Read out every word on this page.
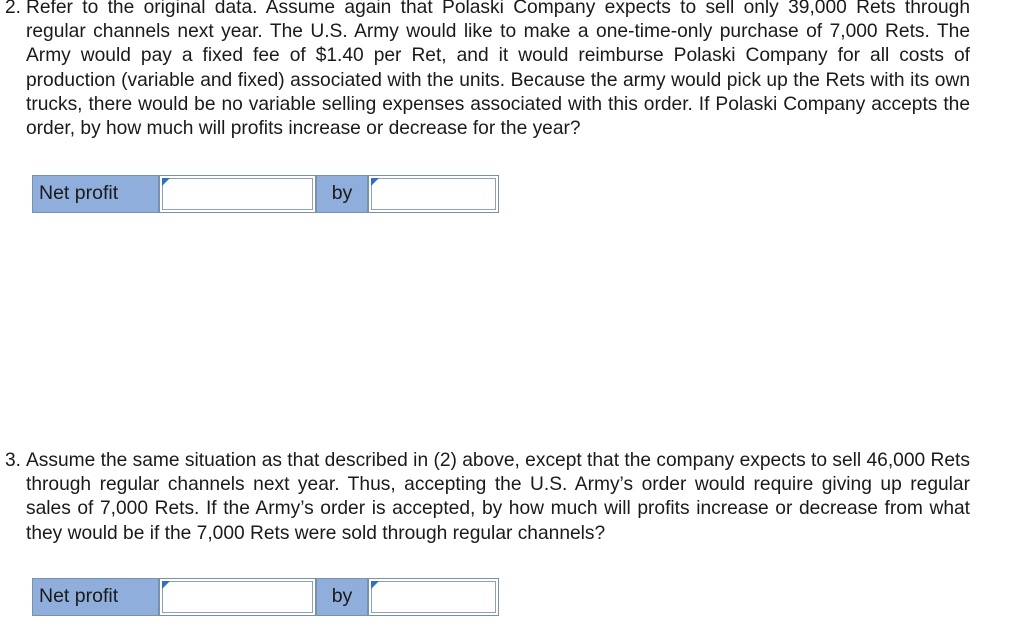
2. Refer to the original data. Assume again that Polaski Company expects to sell only 39,000 Rets through regular channels next year. The U.S. Army would like to make a one-time-only purchase of 7,000 Rets. The Army would pay a fixed fee of $1.40 per Ret, and it would reimburse Polaski Company for all costs of production (variable and fixed) associated with the units. Because the army would pick up the Rets with its own trucks, there would be no variable selling expenses associated with this order. If Polaski Company accepts the order, by how much will profits increase or decrease for the year?
Net profit	by
3. Assume the same situation as that described in (2) above, except that the company expects to sell 46,000 Rets through regular channels next year. Thus, accepting the U.S. Army’s order would require giving up regular sales of 7,000 Rets. If the Army’s order is accepted, by how much will profits increase or decrease from what they would be if the 7,000 Rets were sold through regular channels?
Net profit	by
